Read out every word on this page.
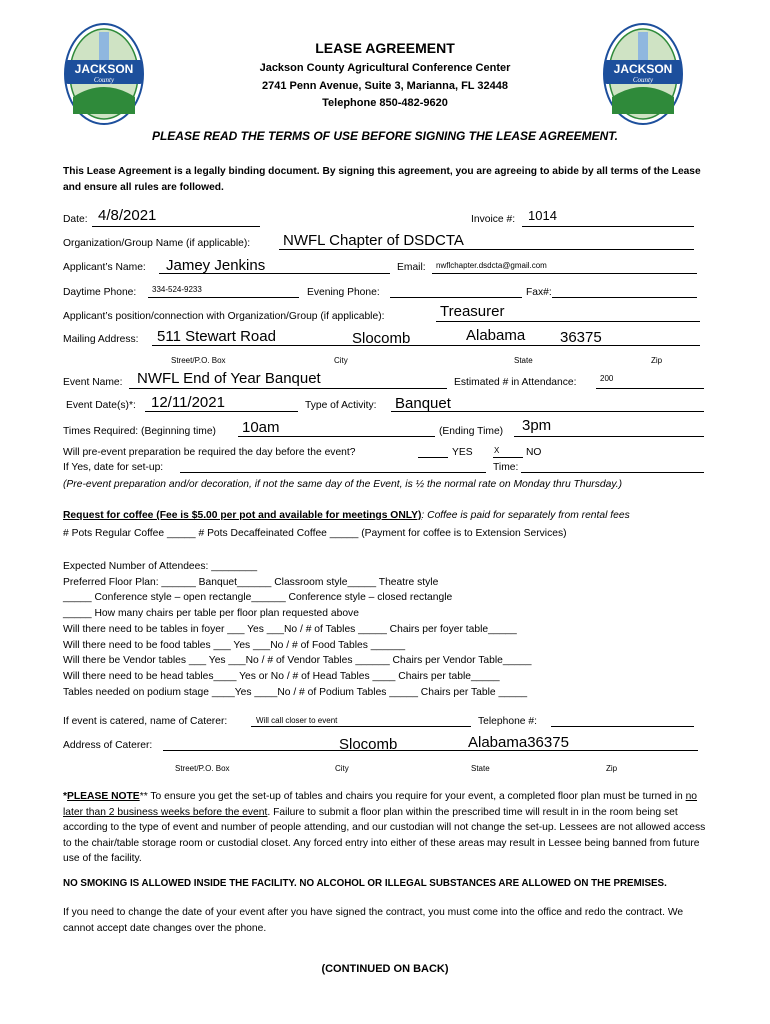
JACKSON
County
JACKSON
County
LEASE AGREEMENT
Jackson County Agricultural Conference Center
2741 Penn Avenue, Suite 3, Marianna, FL 32448
Telephone 850-482-9620
PLEASE READ THE TERMS OF USE BEFORE SIGNING THE LEASE AGREEMENT.
This Lease Agreement is a legally binding document. By signing this agreement, you are agreeing to abide by all terms of the Lease and ensure all rules are followed.
Date: 4/8/2021	Invoice #: 1014
Organization/Group Name (if applicable): NWFL Chapter of DSDCTA
Applicant’s Name: Jamey Jenkins	Email: nwflchapter.dsdcta@gmail.com
Daytime Phone: 334-524-9233	Evening Phone:	Fax#:
Applicant’s position/connection with Organization/Group (if applicable):	Treasurer
Mailing Address: 511 Stewart Road	Slocomb	Alabama 36375
Street/P.O. Box	City	State	Zip
Event Name: NWFL End of Year Banquet	Estimated # in Attendance:	200
Event Date(s)*: 12/11/2021	Type of Activity: Banquet
Times Required: (Beginning time) 10am	(Ending Time) 3pm
Will pre-event preparation be required the day before the event?	YES	X	NO
If Yes, date for set-up:	Time:
(Pre-event preparation and/or decoration, if not the same day of the Event, is ½ the normal rate on Monday thru Thursday.)
Request for coffee (Fee is $5.00 per pot and available for meetings ONLY): Coffee is paid for separately from rental fees
# Pots Regular Coffee _____ # Pots Decaffeinated Coffee _____ (Payment for coffee is to Extension Services)
Expected Number of Attendees: ________
Preferred Floor Plan: ______ Banquet______ Classroom style_____ Theatre style
_____ Conference style – open rectangle______ Conference style – closed rectangle
_____ How many chairs per table per floor plan requested above
Will there need to be tables in foyer ___ Yes ___No / # of Tables _____ Chairs per foyer table_____
Will there need to be food tables ___ Yes ___No / # of Food Tables ______
Will there be Vendor tables ___ Yes ___No / # of Vendor Tables ______ Chairs per Vendor Table_____
Will there need to be head tables____ Yes or No / # of Head Tables ____ Chairs per table_____
Tables needed on podium stage ____Yes ____No / # of Podium Tables _____ Chairs per Table _____
If event is catered, name of Caterer:	Will call closer to event	Telephone #:
Address of Caterer:	Slocomb	Alabama36375
Street/P.O. Box	City	State	Zip
*PLEASE NOTE** To ensure you get the set-up of tables and chairs you require for your event, a completed floor plan must be turned in no later than 2 business weeks before the event. Failure to submit a floor plan within the prescribed time will result in in the room being set according to the type of event and number of people attending, and our custodian will not change the set-up. Lessees are not allowed access to the chair/table storage room or custodial closet. Any forced entry into either of these areas may result in Lessee being banned from future use of the facility.
NO SMOKING IS ALLOWED INSIDE THE FACILITY. NO ALCOHOL OR ILLEGAL SUBSTANCES ARE ALLOWED ON THE PREMISES.
If you need to change the date of your event after you have signed the contract, you must come into the office and redo the contract. We cannot accept date changes over the phone.
(CONTINUED ON BACK)
